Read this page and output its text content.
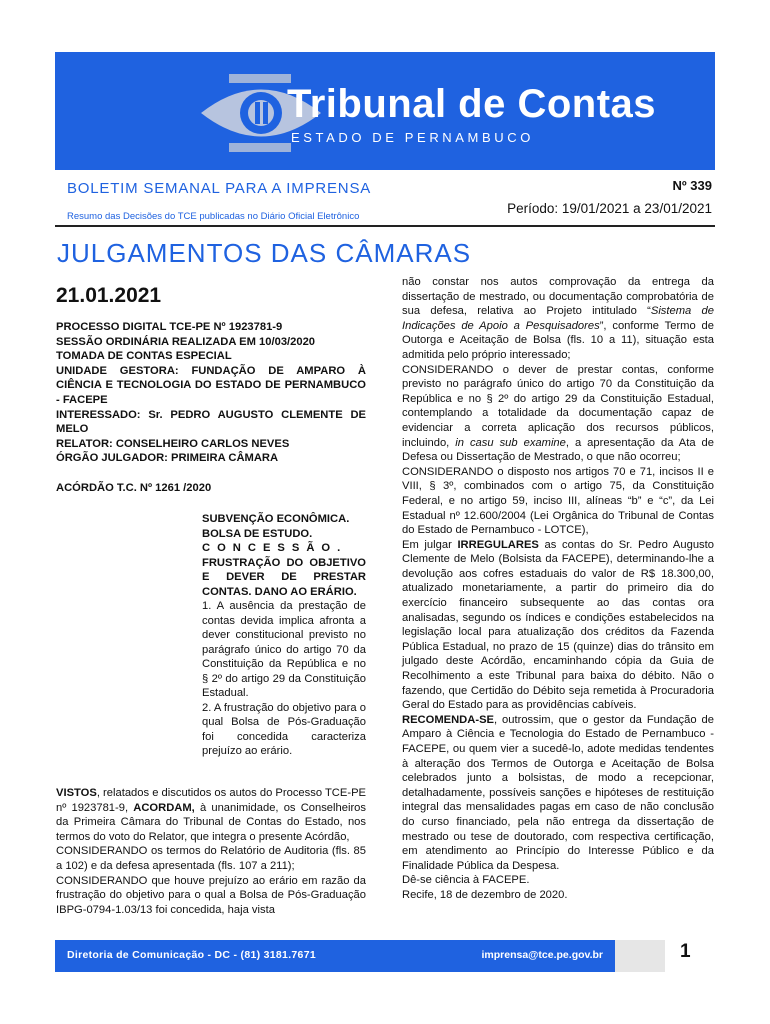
Tribunal de Contas
ESTADO DE PERNAMBUCO
BOLETIM SEMANAL PARA A IMPRENSA
Resumo das Decisões do TCE publicadas no Diário Oficial Eletrônico
Nº 339
Período: 19/01/2021 a 23/01/2021
JULGAMENTOS DAS CÂMARAS
21.01.2021

PROCESSO DIGITAL TCE-PE Nº 1923781-9

SESSÃO ORDINÁRIA REALIZADA EM 10/03/2020

TOMADA DE CONTAS ESPECIAL

UNIDADE GESTORA: FUNDAÇÃO DE AMPARO À CIÊNCIA E TECNOLOGIA DO ESTADO DE PERNAMBUCO - FACEPE

INTERESSADO: Sr. PEDRO AUGUSTO CLEMENTE DE MELO

RELATOR: CONSELHEIRO CARLOS NEVES

ÓRGÃO JULGADOR: PRIMEIRA CÂMARA

ACÓRDÃO T.C. Nº 1261 /2020

SUBVENÇÃO ECONÔMICA.

BOLSA DE ESTUDO.

CONCESSÃO.

FRUSTRAÇÃO DO OBJETIVO E DEVER DE PRESTAR CONTAS. DANO AO ERÁRIO.

1. A ausência da prestação de contas devida implica afronta a dever constitucional previsto no parágrafo único do artigo 70 da Constituição da República e no § 2º do artigo 29 da Constituição Estadual.

2. A frustração do objetivo para o qual Bolsa de Pós-Graduação foi concedida caracteriza prejuízo ao erário.

VISTOS, relatados e discutidos os autos do Processo TCE-PE nº 1923781-9, ACORDAM, à unanimidade, os Conselheiros da Primeira Câmara do Tribunal de Contas do Estado, nos termos do voto do Relator, que integra o presente Acórdão,

CONSIDERANDO os termos do Relatório de Auditoria (fls. 85 a 102) e da defesa apresentada (fls. 107 a 211);

CONSIDERANDO que houve prejuízo ao erário em razão da frustração do objetivo para o qual a Bolsa de Pós-Graduação IBPG-0794-1.03/13 foi concedida, haja vista

não constar nos autos comprovação da entrega da dissertação de mestrado, ou documentação comprobatória de sua defesa, relativa ao Projeto intitulado “Sistema de Indicações de Apoio a Pesquisadores”, conforme Termo de Outorga e Aceitação de Bolsa (fls. 10 a 11), situação esta admitida pelo próprio interessado;

CONSIDERANDO o dever de prestar contas, conforme previsto no parágrafo único do artigo 70 da Constituição da República e no § 2º do artigo 29 da Constituição Estadual, contemplando a totalidade da documentação capaz de evidenciar a correta aplicação dos recursos públicos, incluindo, in casu sub examine, a apresentação da Ata de Defesa ou Dissertação de Mestrado, o que não ocorreu;

CONSIDERANDO o disposto nos artigos 70 e 71, incisos II e VIII, § 3º, combinados com o artigo 75, da Constituição Federal, e no artigo 59, inciso III, alíneas “b” e “c”, da Lei Estadual nº 12.600/2004 (Lei Orgânica do Tribunal de Contas do Estado de Pernambuco - LOTCE),

Em julgar IRREGULARES as contas do Sr. Pedro Augusto Clemente de Melo (Bolsista da FACEPE), determinando-lhe a devolução aos cofres estaduais do valor de R$ 18.300,00, atualizado monetariamente, a partir do primeiro dia do exercício financeiro subsequente ao das contas ora analisadas, segundo os índices e condições estabelecidos na legislação local para atualização dos créditos da Fazenda Pública Estadual, no prazo de 15 (quinze) dias do trânsito em julgado deste Acórdão, encaminhando cópia da Guia de Recolhimento a este Tribunal para baixa do débito. Não o fazendo, que Certidão do Débito seja remetida à Procuradoria Geral do Estado para as providências cabíveis.

RECOMENDA-SE, outrossim, que o gestor da Fundação de Amparo à Ciência e Tecnologia do Estado de Pernambuco - FACEPE, ou quem vier a sucedê-lo, adote medidas tendentes à alteração dos Termos de Outorga e Aceitação de Bolsa celebrados junto a bolsistas, de modo a recepcionar, detalhadamente, possíveis sanções e hipóteses de restituição integral das mensalidades pagas em caso de não conclusão do curso financiado, pela não entrega da dissertação de mestrado ou tese de doutorado, com respectiva certificação, em atendimento ao Princípio do Interesse Público e da Finalidade Pública da Despesa.

Dê-se ciência à FACEPE.

Recife, 18 de dezembro de 2020.

Diretoria de Comunicação - DC - (81) 3181.7671	imprensa@tce.pe.gov.br	1
